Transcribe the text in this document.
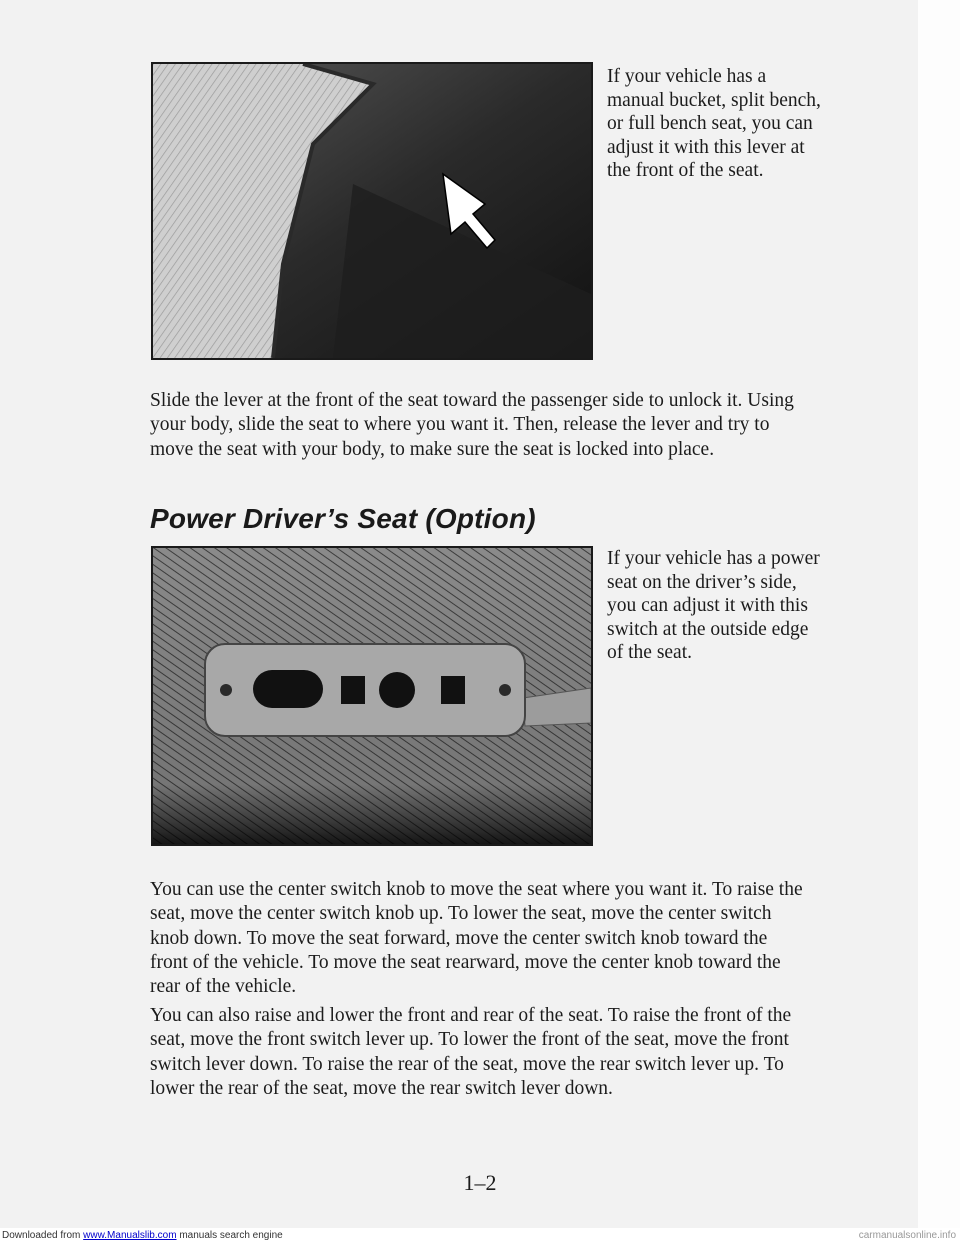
If your vehicle has a manual bucket, split bench, or full bench seat, you can adjust it with this lever at the front of the seat.
Slide the lever at the front of the seat toward the passenger side to unlock it. Using your body, slide the seat to where you want it. Then, release the lever and try to move the seat with your body, to make sure the seat is locked into place.
Power Driver’s Seat (Option)
If your vehicle has a power seat on the driver’s side, you can adjust it with this switch at the outside edge of the seat.
You can use the center switch knob to move the seat where you want it. To raise the seat, move the center switch knob up. To lower the seat, move the center switch knob down. To move the seat forward, move the center switch knob toward the front of the vehicle. To move the seat rearward, move the center knob toward the rear of the vehicle.
You can also raise and lower the front and rear of the seat. To raise the front of the seat, move the front switch lever up. To lower the front of the seat, move the front switch lever down. To raise the rear of the seat, move the rear switch lever up. To lower the rear of the seat, move the rear switch lever down.
1–2
Downloaded from www.Manualslib.com manuals search engine	carmanualsonline.info
